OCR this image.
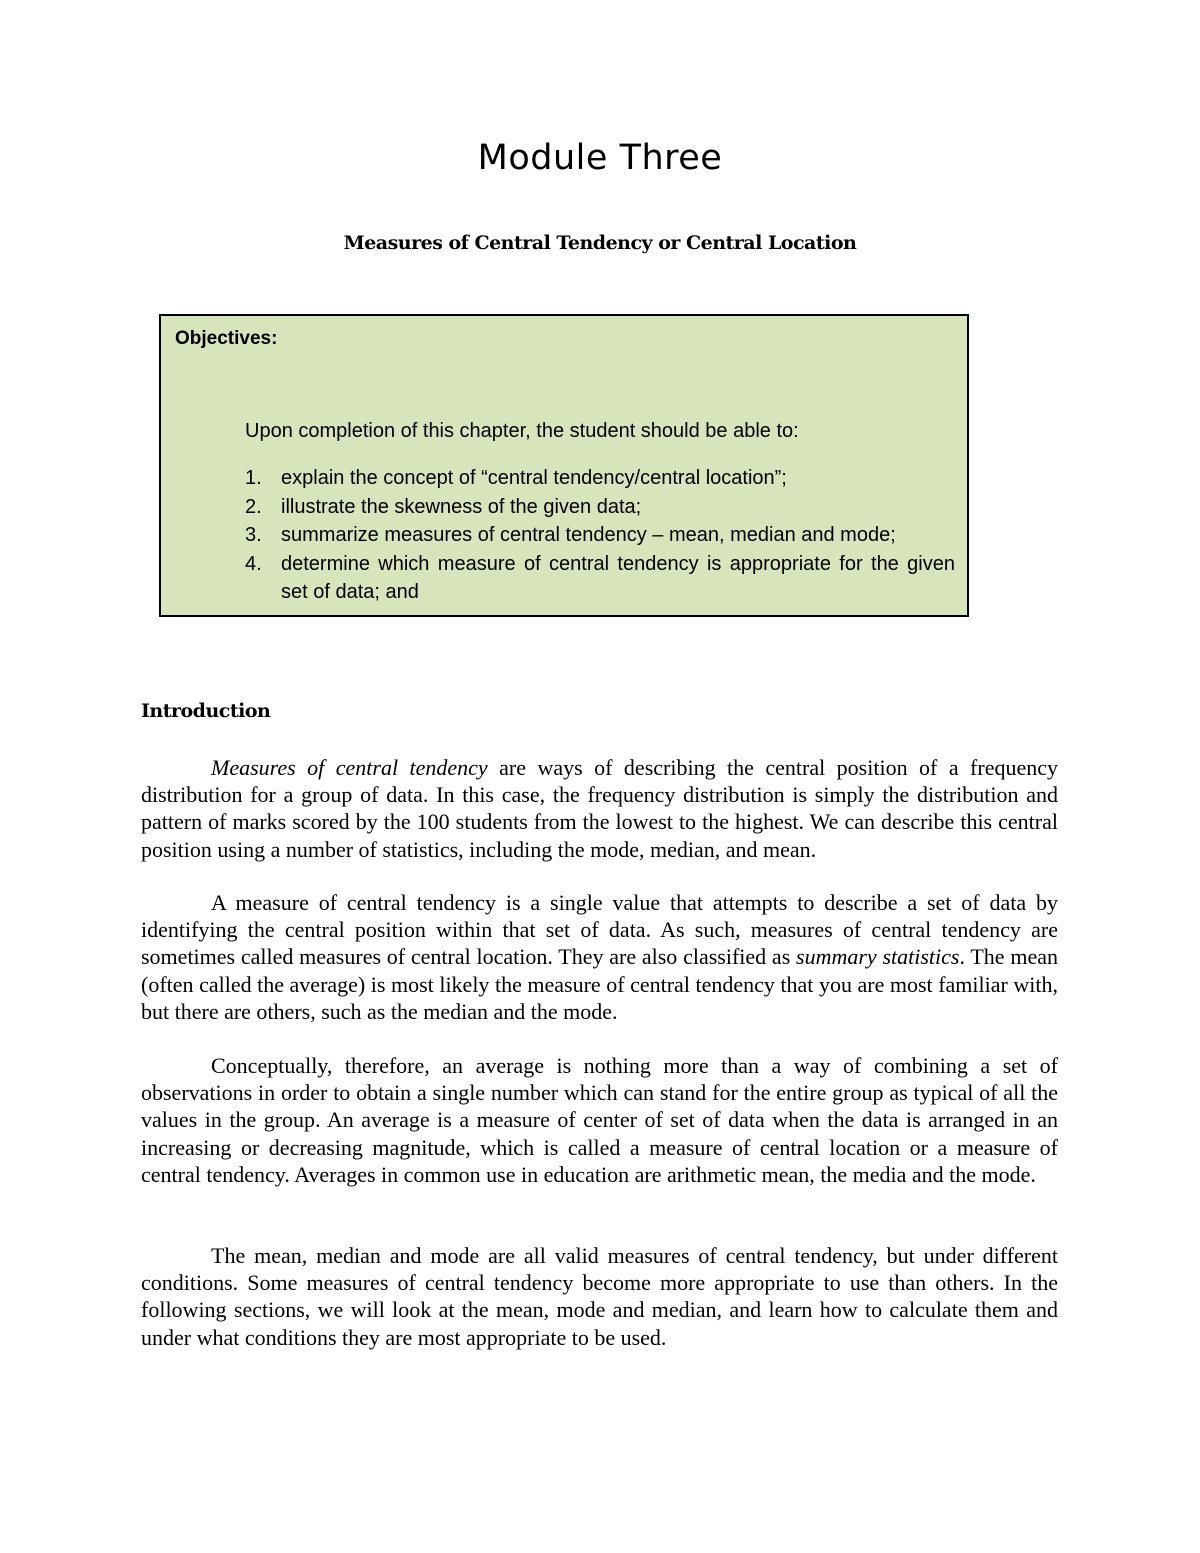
Module Three
Measures of Central Tendency or Central Location

Objectives:

Upon completion of this chapter, the student should be able to:

1. explain the concept of “central tendency/central location”;
2. illustrate the skewness of the given data;
3. summarize measures of central tendency – mean, median and mode;
4. determine which measure of central tendency is appropriate for the given set of data; and
Introduction

Measures of central tendency are ways of describing the central position of a frequency distribution for a group of data. In this case, the frequency distribution is simply the distribution and pattern of marks scored by the 100 students from the lowest to the highest. We can describe this central position using a number of statistics, including the mode, median, and mean.

A measure of central tendency is a single value that attempts to describe a set of data by identifying the central position within that set of data. As such, measures of central tendency are sometimes called measures of central location. They are also classified as summary statistics. The mean (often called the average) is most likely the measure of central tendency that you are most familiar with, but there are others, such as the median and the mode.

Conceptually, therefore, an average is nothing more than a way of combining a set of observations in order to obtain a single number which can stand for the entire group as typical of all the values in the group. An average is a measure of center of set of data when the data is arranged in an increasing or decreasing magnitude, which is called a measure of central location or a measure of central tendency. Averages in common use in education are arithmetic mean, the media and the mode.

The mean, median and mode are all valid measures of central tendency, but under different conditions. Some measures of central tendency become more appropriate to use than others. In the following sections, we will look at the mean, mode and median, and learn how to calculate them and under what conditions they are most appropriate to be used.
